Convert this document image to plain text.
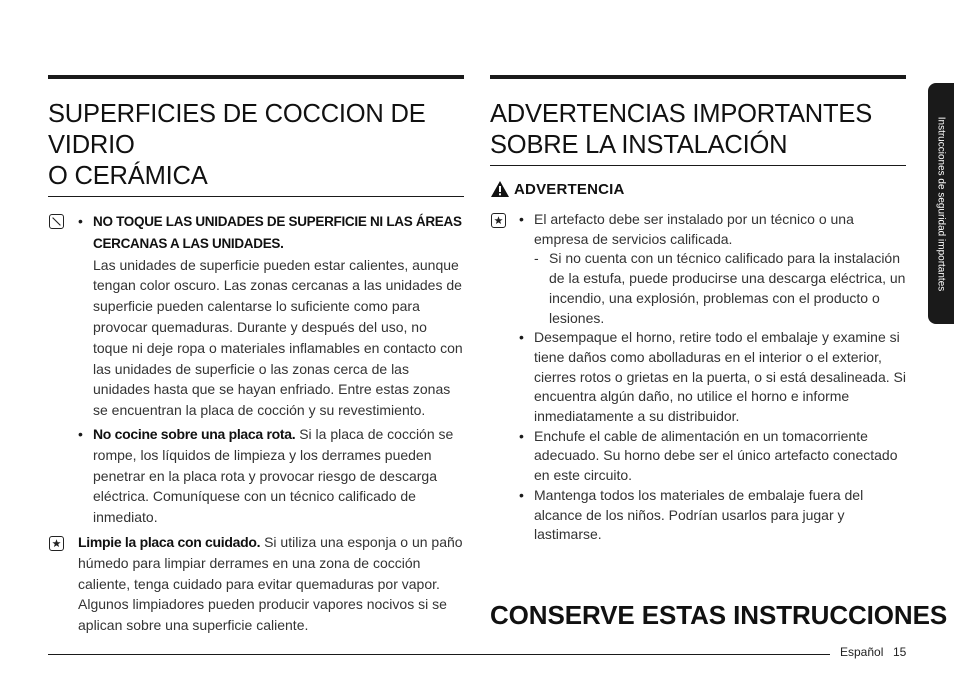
Instrucciones de seguridad importantes
SUPERFICIES DE COCCION DE VIDRIO
O CERÁMICA
• NO TOQUE LAS UNIDADES DE SUPERFICIE NI LAS ÁREAS CERCANAS A LAS UNIDADES.
Las unidades de superficie pueden estar calientes, aunque tengan color oscuro. Las zonas cercanas a las unidades de superficie pueden calentarse lo suficiente como para provocar quemaduras. Durante y después del uso, no toque ni deje ropa o materiales inflamables en contacto con las unidades de superficie o las zonas cerca de las unidades hasta que se hayan enfriado. Entre estas zonas se encuentran la placa de cocción y su revestimiento.
• No cocine sobre una placa rota. Si la placa de cocción se rompe, los líquidos de limpieza y los derrames pueden penetrar en la placa rota y provocar riesgo de descarga eléctrica. Comuníquese con un técnico calificado de inmediato.
Limpie la placa con cuidado. Si utiliza una esponja o un paño húmedo para limpiar derrames en una zona de cocción caliente, tenga cuidado para evitar quemaduras por vapor. Algunos limpiadores pueden producir vapores nocivos si se aplican sobre una superficie caliente.
ADVERTENCIAS IMPORTANTES
SOBRE LA INSTALACIÓN
ADVERTENCIA
• El artefacto debe ser instalado por un técnico o una empresa de servicios calificada.
- Si no cuenta con un técnico calificado para la instalación de la estufa, puede producirse una descarga eléctrica, un incendio, una explosión, problemas con el producto o lesiones.
• Desempaque el horno, retire todo el embalaje y examine si tiene daños como abolladuras en el interior o el exterior, cierres rotos o grietas en la puerta, o si está desalineada. Si encuentra algún daño, no utilice el horno e informe inmediatamente a su distribuidor.
• Enchufe el cable de alimentación en un tomacorriente adecuado. Su horno debe ser el único artefacto conectado en este circuito.
• Mantenga todos los materiales de embalaje fuera del alcance de los niños. Podrían usarlos para jugar y lastimarse.
CONSERVE ESTAS INSTRUCCIONES
Español 15
